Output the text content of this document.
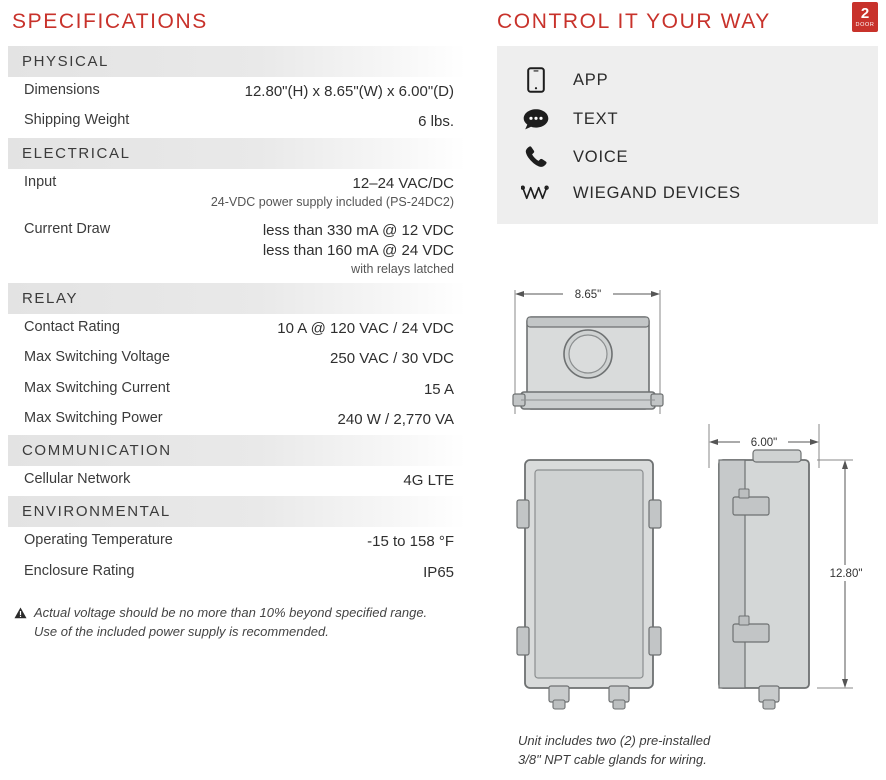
SPECIFICATIONS
PHYSICAL
Dimensions	12.80"(H) x 8.65"(W) x 6.00"(D)
Shipping Weight	6 lbs.
ELECTRICAL
Input	12–24 VAC/DC
24-VDC power supply included (PS-24DC2)
Current Draw	less than 330 mA @ 12 VDC
less than 160 mA @ 24 VDC
with relays latched
RELAY
Contact Rating	10 A @ 120 VAC / 24 VDC
Max Switching Voltage	250 VAC / 30 VDC
Max Switching Current	15 A
Max Switching Power	240 W / 2,770 VA
COMMUNICATION
Cellular Network	4G LTE
ENVIRONMENTAL
Operating Temperature	-15 to 158 °F
Enclosure Rating	IP65
Actual voltage should be no more than 10% beyond specified range.
Use of the included power supply is recommended.
2
DOOR
CONTROL IT YOUR WAY
APP
TEXT
VOICE
WIEGAND DEVICES
8.65"
6.00"
12.80"
Unit includes two (2) pre-installed
3/8" NPT cable glands for wiring.
